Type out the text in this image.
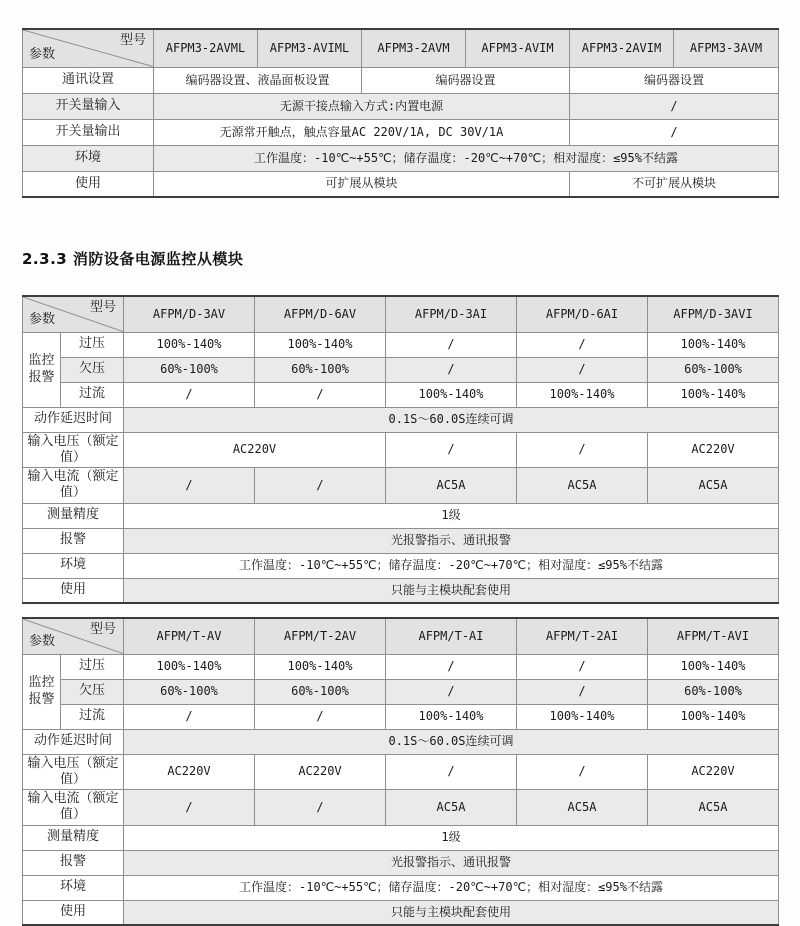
型号
参数	AFPM3-2AVML	AFPM3-AVIML	AFPM3-2AVM	AFPM3-AVIM	AFPM3-2AVIM	AFPM3-3AVM
通讯设置	编码器设置、液晶面板设置		编码器设置		编码器设置	
开关量输入	无源干接点输入方式:内置电源				/	
开关量输出	无源常开触点，触点容量AC 220V/1A, DC 30V/1A				/	
环境	工作温度：-10℃~+55℃；储存温度：-20℃~+70℃；相对湿度：≤95%不结露					
使用	可扩展从模块				不可扩展从模块	
2.3.3 消防设备电源监控从模块
型号
参数		AFPM/D-3AV	AFPM/D-6AV	AFPM/D-3AI	AFPM/D-6AI	AFPM/D-3AVI
监控报警	过压	100%-140%	100%-140%	/	/	100%-140%
	欠压	60%-100%	60%-100%	/	/	60%-100%
	过流	/	/	100%-140%	100%-140%	100%-140%
动作延迟时间		0.1S～60.0S连续可调				
输入电压（额定值）		AC220V		/	/	AC220V
输入电流（额定值）		/	/	AC5A	AC5A	AC5A
测量精度		1级				
报警		光报警指示、通讯报警				
环境		工作温度：-10℃~+55℃；储存温度：-20℃~+70℃；相对湿度：≤95%不结露				
使用		只能与主模块配套使用				
型号
参数		AFPM/T-AV	AFPM/T-2AV	AFPM/T-AI	AFPM/T-2AI	AFPM/T-AVI
监控报警	过压	100%-140%	100%-140%	/	/	100%-140%
	欠压	60%-100%	60%-100%	/	/	60%-100%
	过流	/	/	100%-140%	100%-140%	100%-140%
动作延迟时间		0.1S～60.0S连续可调				
输入电压（额定值）		AC220V	AC220V	/	/	AC220V
输入电流（额定值）		/	/	AC5A	AC5A	AC5A
测量精度		1级				
报警		光报警指示、通讯报警				
环境		工作温度：-10℃~+55℃；储存温度：-20℃~+70℃；相对湿度：≤95%不结露				
使用		只能与主模块配套使用				
